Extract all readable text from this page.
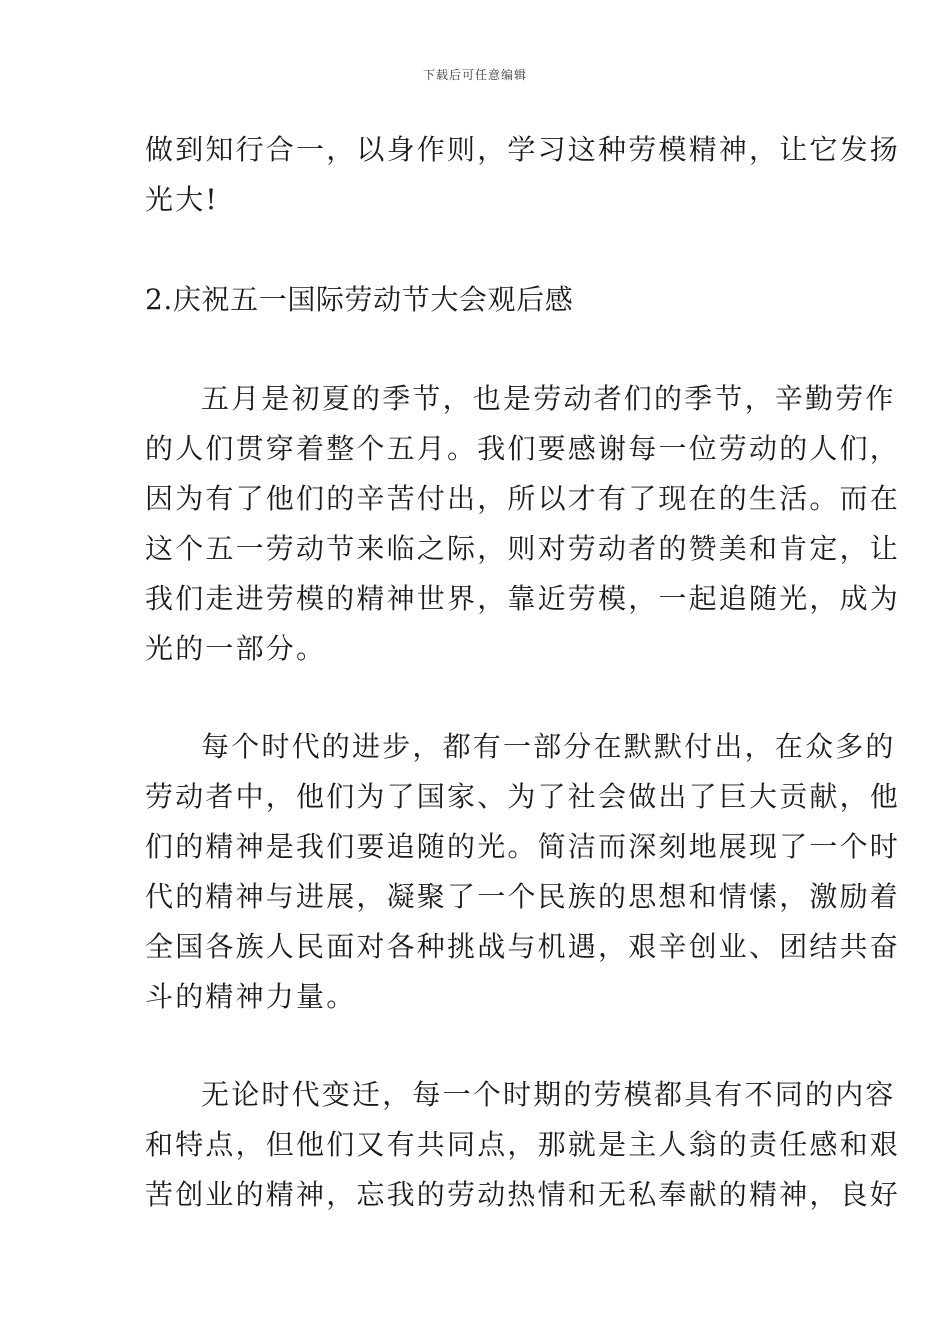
下载后可任意编辑
做到知行合一，以身作则，学习这种劳模精神，让它发扬
光大!
2.庆祝五一国际劳动节大会观后感
五月是初夏的季节，也是劳动者们的季节，辛勤劳作
的人们贯穿着整个五月。我们要感谢每一位劳动的人们，
因为有了他们的辛苦付出，所以才有了现在的生活。而在
这个五一劳动节来临之际，则对劳动者的赞美和肯定，让
我们走进劳模的精神世界，靠近劳模，一起追随光，成为
光的一部分。
每个时代的进步，都有一部分在默默付出，在众多的
劳动者中，他们为了国家、为了社会做出了巨大贡献，他
们的精神是我们要追随的光。简洁而深刻地展现了一个时
代的精神与进展，凝聚了一个民族的思想和情愫，激励着
全国各族人民面对各种挑战与机遇，艰辛创业、团结共奋
斗的精神力量。
无论时代变迁，每一个时期的劳模都具有不同的内容
和特点，但他们又有共同点，那就是主人翁的责任感和艰
苦创业的精神，忘我的劳动热情和无私奉献的精神，良好
